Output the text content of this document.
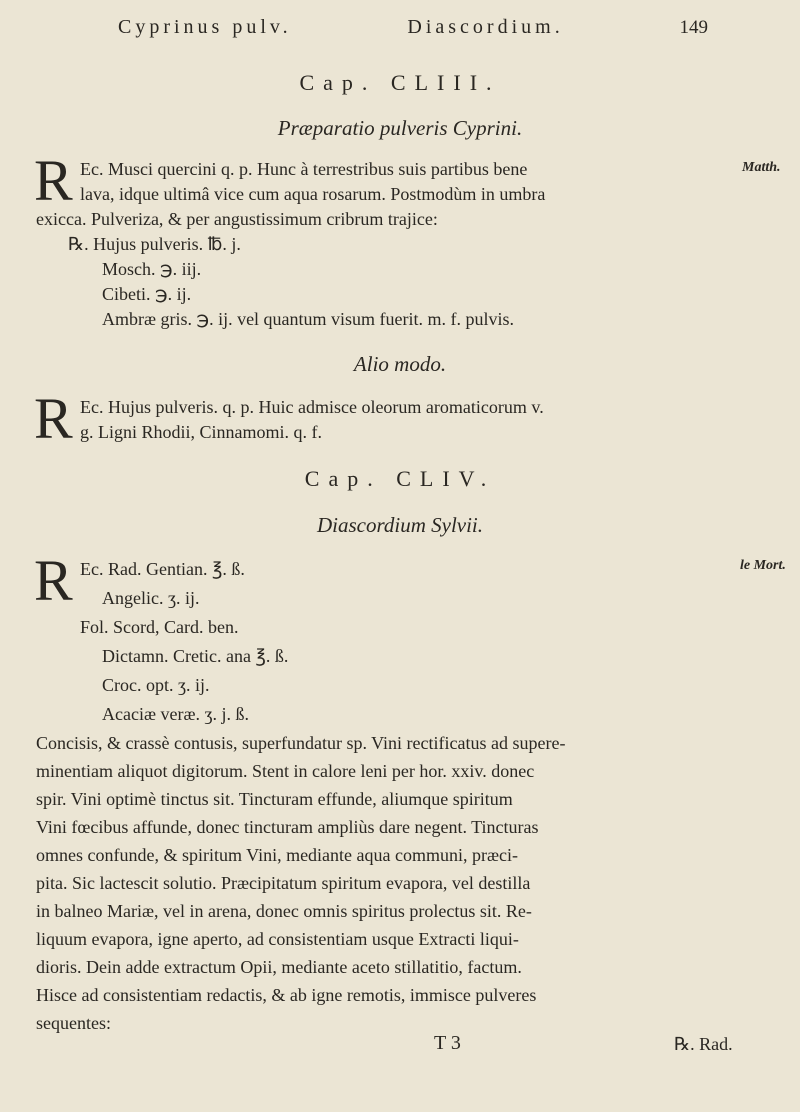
Cyprinus pulv.	Diascordium.	149
Cap. CLIII.
Præparatio pulveris Cyprini.
Matth.
R Ec. Musci quercini q. p. Hunc à terrestribus suis partibus bene
lava, idque ultimâ vice cum aqua rosarum. Postmodùm in umbra
exicca. Pulveriza, & per angustissimum cribrum trajice:
℞. Hujus pulveris. ℔. j.
Mosch. ℈. iij.
Cibeti. ℈. ij.
Ambræ gris. ℈. ij. vel quantum visum fuerit. m. f. pulvis.
Alio modo.
R Ec. Hujus pulveris. q. p. Huic admisce oleorum aromaticorum v.
g. Ligni Rhodii, Cinnamomi. q. f.
Cap. CLIV.
Diascordium Sylvii.
le Mort.
R Ec. Rad. Gentian. ℥. ß.
Angelic. ʒ. ij.
Fol. Scord, Card. ben.
Dictamn. Cretic. ana ℥. ß.
Croc. opt. ʒ. ij.
Acaciæ veræ. ʒ. j. ß.
Concisis, & crassè contusis, superfundatur sp. Vini rectificatus ad supere-
minentiam aliquot digitorum. Stent in calore leni per hor. xxiv. donec
spir. Vini optimè tinctus sit. Tincturam effunde, aliumque spiritum
Vini fœcibus affunde, donec tincturam ampliùs dare negent. Tincturas
omnes confunde, & spiritum Vini, mediante aqua communi, præci-
pita. Sic lactescit solutio. Præcipitatum spiritum evapora, vel destilla
in balneo Mariæ, vel in arena, donec omnis spiritus prolectus sit. Re-
liquum evapora, igne aperto, ad consistentiam usque Extracti liqui-
dioris. Dein adde extractum Opii, mediante aceto stillatitio, factum.
Hisce ad consistentiam redactis, & ab igne remotis, immisce pulveres
sequentes:
T 3	℞. Rad.
